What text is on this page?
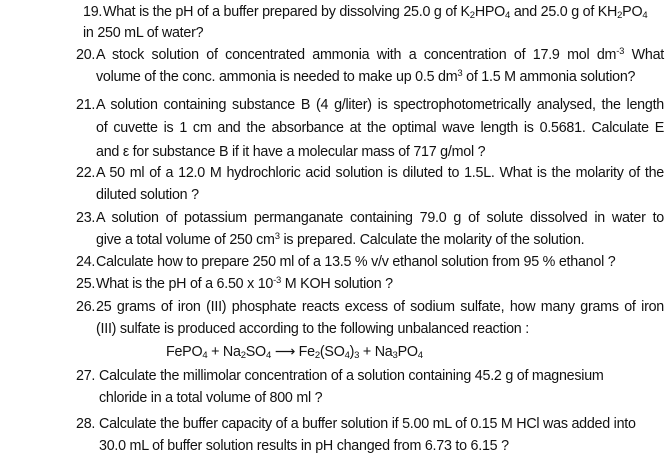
19. What is the pH of a buffer prepared by dissolving 25.0 g of $K_2HPO_4$ and 25.0 g of $KH_2PO_4$
in 250 mL of water?
20. A stock solution of concentrated ammonia with a concentration of 17.9 mol $dm^{-3}$ What
volume of the conc. ammonia is needed to make up 0.5 $dm^3$ of 1.5 M ammonia solution?
21. A solution containing substance B (4 g/liter) is spectrophotometrically analysed, the length
of cuvette is 1 cm and the absorbance at the optimal wave length is 0.5681. Calculate E
and ε for substance B if it have a molecular mass of 717 g/mol ?
22. A 50 ml of a 12.0 M hydrochloric acid solution is diluted to 1.5L. What is the molarity of the
diluted solution ?
23. A solution of potassium permanganate containing 79.0 g of solute dissolved in water to
give a total volume of 250 $cm^3$ is prepared. Calculate the molarity of the solution.
24. Calculate how to prepare 250 ml of a 13.5 % v/v ethanol solution from 95 % ethanol ?
25. What is the pH of a 6.50 x $10^{-3}$ M KOH solution ?
26. 25 grams of iron (III) phosphate reacts excess of sodium sulfate, how many grams of iron
(III) sulfate is produced according to the following unbalanced reaction :
FePO$_4$ + $Na_2SO_4$ ⟶ $Fe_2(SO_4)_3 + Na_3PO_4$
27. Calculate the millimolar concentration of a solution containing 45.2 g of magnesium
chloride in a total volume of 800 ml ?
28. Calculate the buffer capacity of a buffer solution if 5.00 mL of 0.15 M HCl was added into
30.0 mL of buffer solution results in pH changed from 6.73 to 6.15 ?
